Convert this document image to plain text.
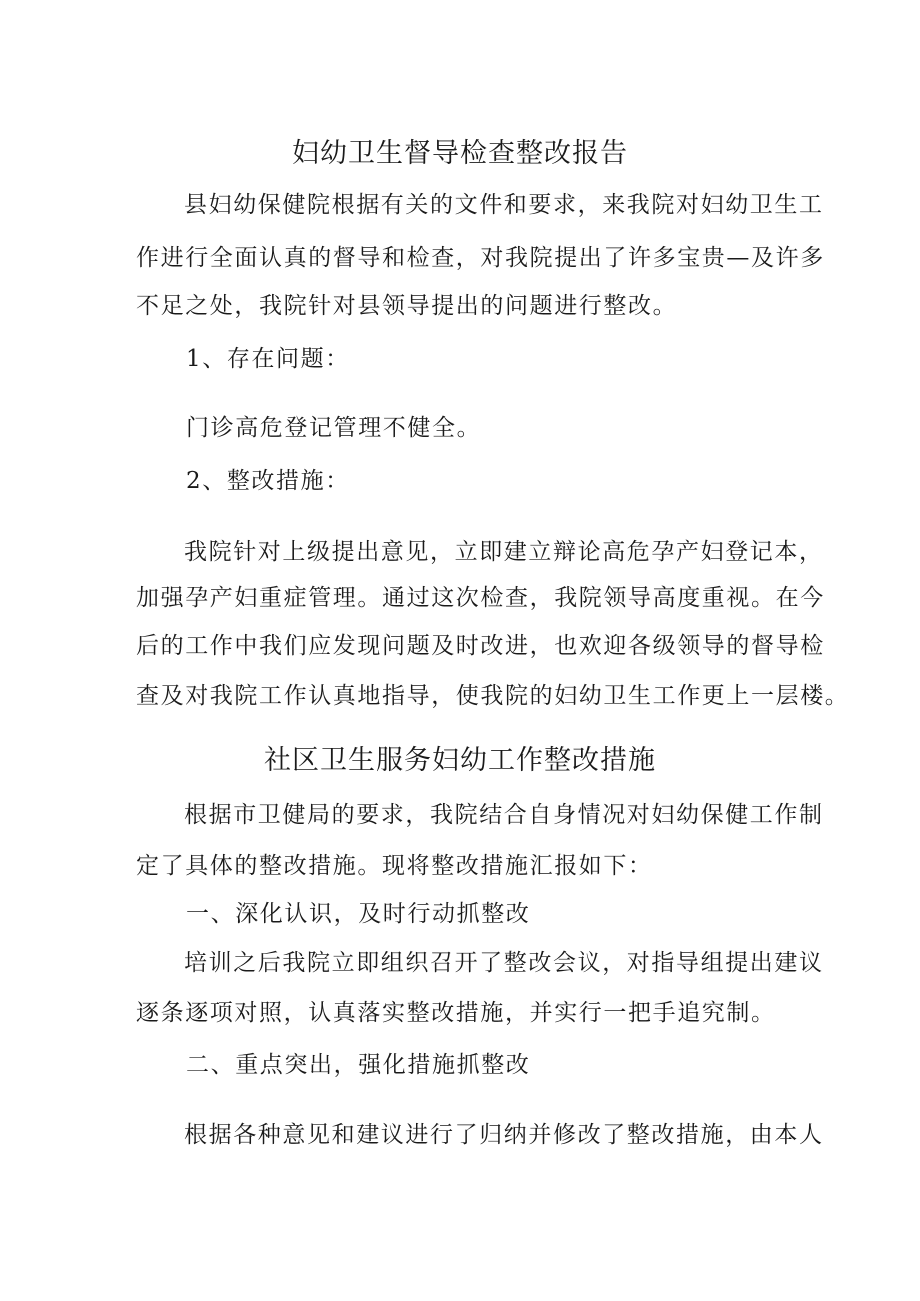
妇幼卫生督导检查整改报告
县妇幼保健院根据有关的文件和要求，来我院对妇幼卫生工
作进行全面认真的督导和检查，对我院提出了许多宝贵—及许多
不足之处，我院针对县领导提出的问题进行整改。
1、存在问题：
门诊高危登记管理不健全。
2、整改措施：
我院针对上级提出意见，立即建立辩论高危孕产妇登记本，
加强孕产妇重症管理。通过这次检查，我院领导高度重视。在今
后的工作中我们应发现问题及时改进，也欢迎各级领导的督导检
查及对我院工作认真地指导，使我院的妇幼卫生工作更上一层楼。
社区卫生服务妇幼工作整改措施
根据市卫健局的要求，我院结合自身情况对妇幼保健工作制
定了具体的整改措施。现将整改措施汇报如下：
一、深化认识，及时行动抓整改
培训之后我院立即组织召开了整改会议，对指导组提出建议
逐条逐项对照，认真落实整改措施，并实行一把手追究制。
二、重点突出，强化措施抓整改
根据各种意见和建议进行了归纳并修改了整改措施，由本人
